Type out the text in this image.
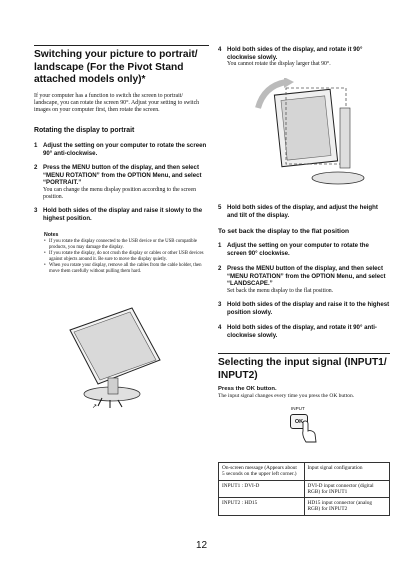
Switching your picture to portrait/
landscape (For the Pivot Stand
attached models only)*

If your computer has a function to switch the screen to portrait/ landscape, you can rotate the screen 90°. Adjust your setting to switch images on your computer first, then rotate the screen.

Rotating the display to portrait
1 Adjust the setting on your computer to rotate the screen 90° anti-clockwise.

2 Press the MENU button of the display, and then select “MENU ROTATION” from the OPTION Menu, and select “PORTRAIT.”

You can change the menu display position according to the screen position.

3 Hold both sides of the display and raise it slowly to the highest position.

Notes
• If you rotate the display connected to the USB device or the USB compatible products, you may damage the display.
• If you rotate the display, do not crush the display or cables or other USB devices against objects around it. Be sure to move the display quietly.
• When you rotate your display, remove all the cables from the cable holder, then move them carefully without pulling them hard.
↗
4 Hold both sides of the display, and rotate it 90° clockwise slowly.

You cannot rotate the display larger that 90°.

5 Hold both sides of the display, and adjust the height and tilt of the display.

To set back the display to the flat position
1 Adjust the setting on your computer to rotate the screen 90° clockwise.

2 Press the MENU button of the display, and then select “MENU ROTATION” from the OPTION Menu, and select “LANDSCAPE.”

Set back the menu display to the flat position.

3 Hold both sides of the display and raise it to the highest position slowly.

4 Hold both sides of the display, and rotate it 90° anti-clockwise slowly.

Selecting the input signal (INPUT1/
INPUT2)
Press the OK button.

The input signal changes every time you press the OK button.

INPUT
OK
On-screen message (Appears about 5 seconds on the upper left corner.)	Input signal configuration
INPUT1 : DVI-D	DVI-D input connector (digital RGB) for INPUT1
INPUT2 : HD15	HD15 input connector (analog RGB) for INPUT2
12
